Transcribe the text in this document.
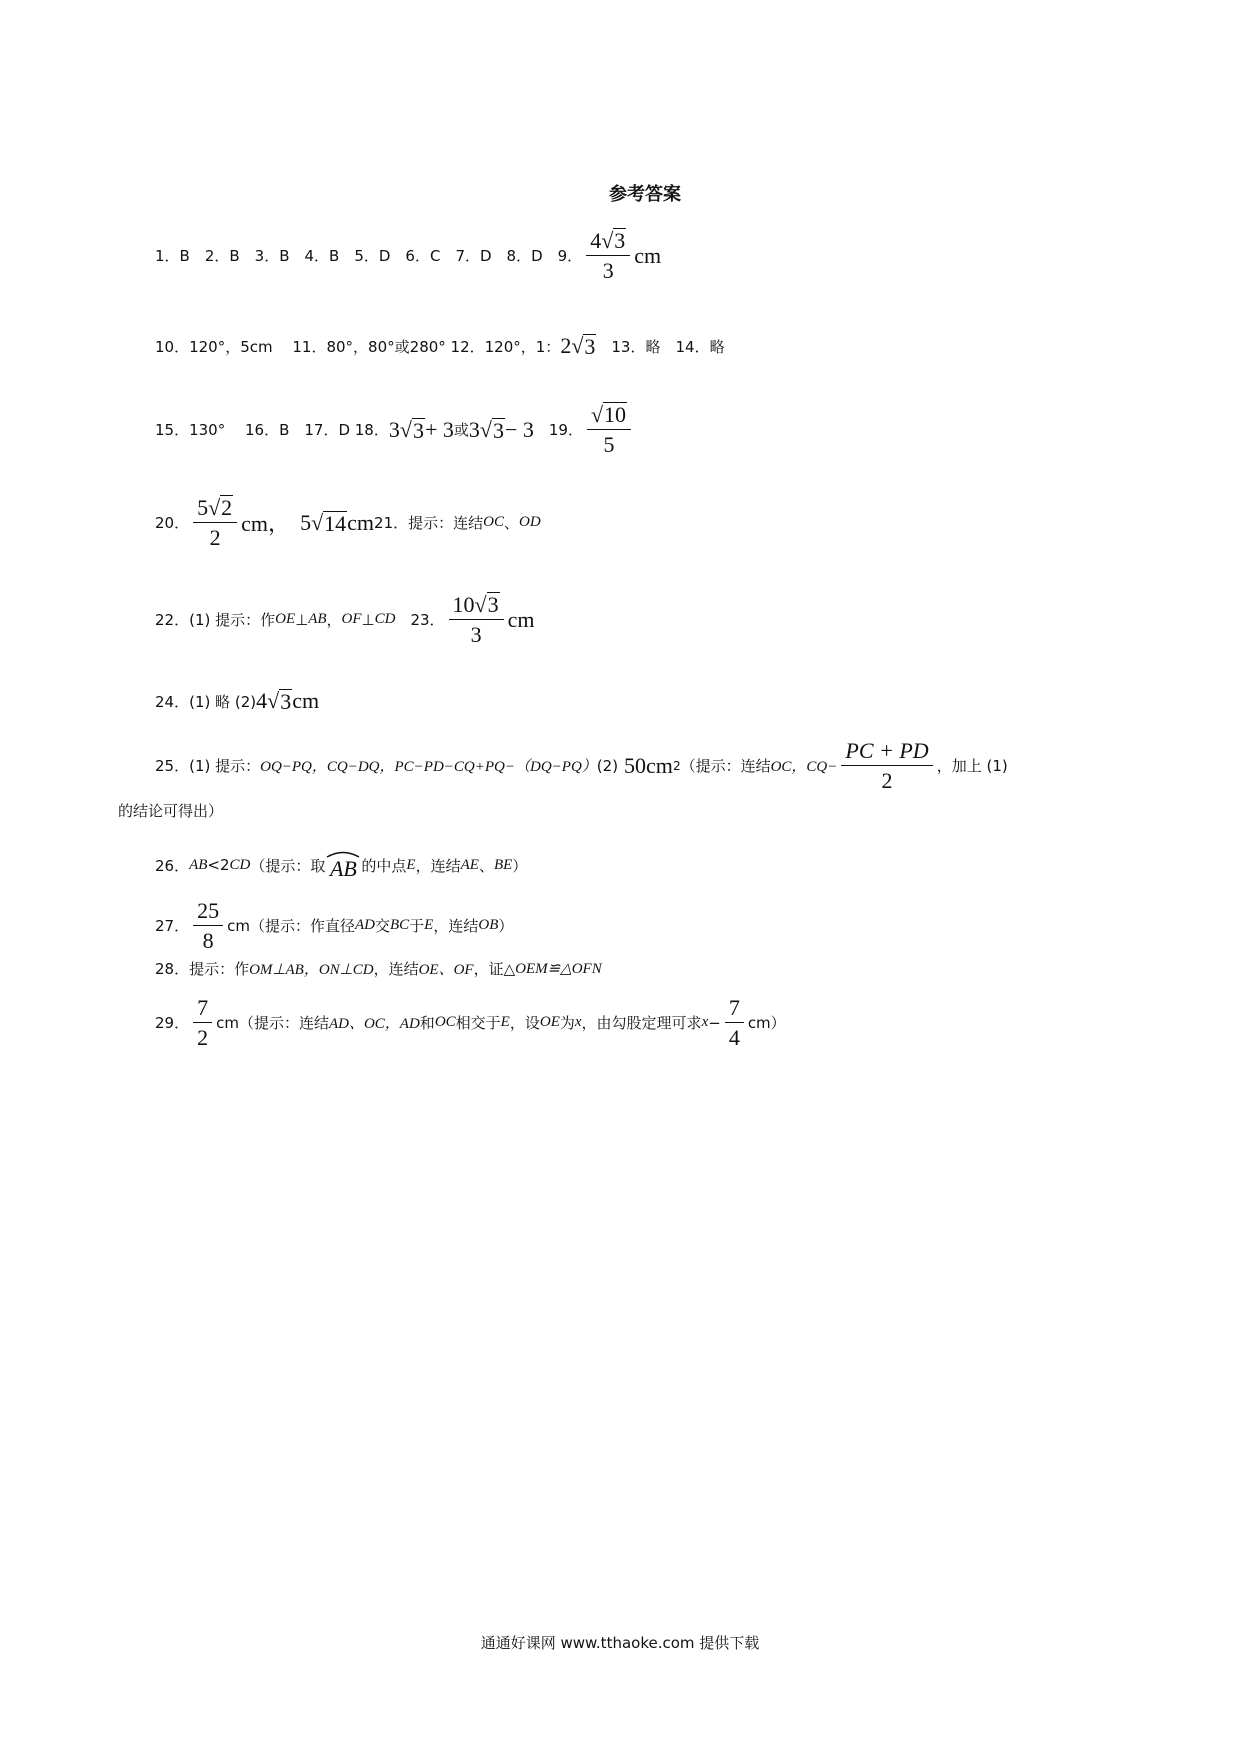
参考答案
1．B　2．B　3．B　4．B　5．D　6．C　7．D　8．D　9． $\frac{4 √ 3}{3}$ cm
10．120°，5cm　 11．80°，80°或280° 12．120°，1： 2 √ 3 　13．略　14．略
15．130°　 16．B　17．D 18． 3 √ 3 + 3 或 3 √ 3 − 3 　19． $\frac{√ 10}{5}$
20． $\frac{5 √ 2}{2}$ cm， 5 √ 14 cm 21．提示：连结 OC 、 OD
22．(1) 提示：作 OE ⊥ AB ， OF ⊥ CD 　23． $\frac{10 √ 3}{3}$ cm
24．(1) 略 (2) 4 √ 3 cm
25．(1) 提示： OQ−PQ，CQ−DQ，PC−PD−CQ+PQ−（DQ−PQ） (2) 50cm 2 （提示：连结 OC，$CQ- \frac{PC + PD}{2}$ ，加上 (1)
的结论可得出）
26． AB <2 CD （提示：取 AB 的中点 E ，连结 AE 、 BE ）
27． $\frac{25}{8}$ cm （提示：作直径 AD 交 BC 于 E ，连结 OB ）
28．提示：作 OM⊥AB，ON⊥CD ，连结 OE、OF ，证△ OEM≌△OFN
29． $\frac{7}{2}$ cm （提示：连结 AD、OC，AD 和 OC 相交于 E ，设 OE 为 x ，由勾股定理可求 $x - \frac{7}{4} cm$）
通通好课网 www.tthaoke.com 提供下载
